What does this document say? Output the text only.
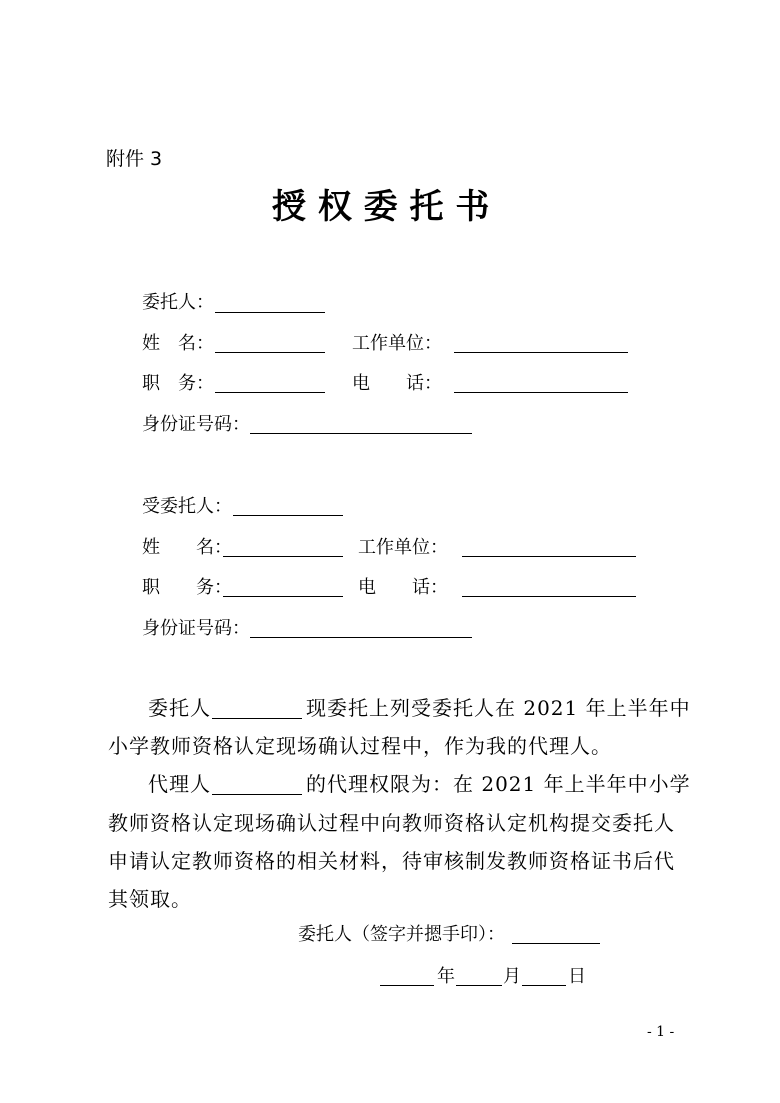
附件 3
授 权 委 托 书
委托人：
姓　名：	工作单位：
职　务：	电　　话：
身份证号码：
受委托人：
姓　　名：	工作单位：
职　　务：	电　　话：
身份证号码：
委托人	现委托上列受委托人在 2021 年上半年中
小学教师资格认定现场确认过程中，作为我的代理人。
代理人	的代理权限为：在 2021 年上半年中小学
教师资格认定现场确认过程中向教师资格认定机构提交委托人
申请认定教师资格的相关材料，待审核制发教师资格证书后代
其领取。
委托人（签字并摁手印）：
年	月	日
- 1 -
